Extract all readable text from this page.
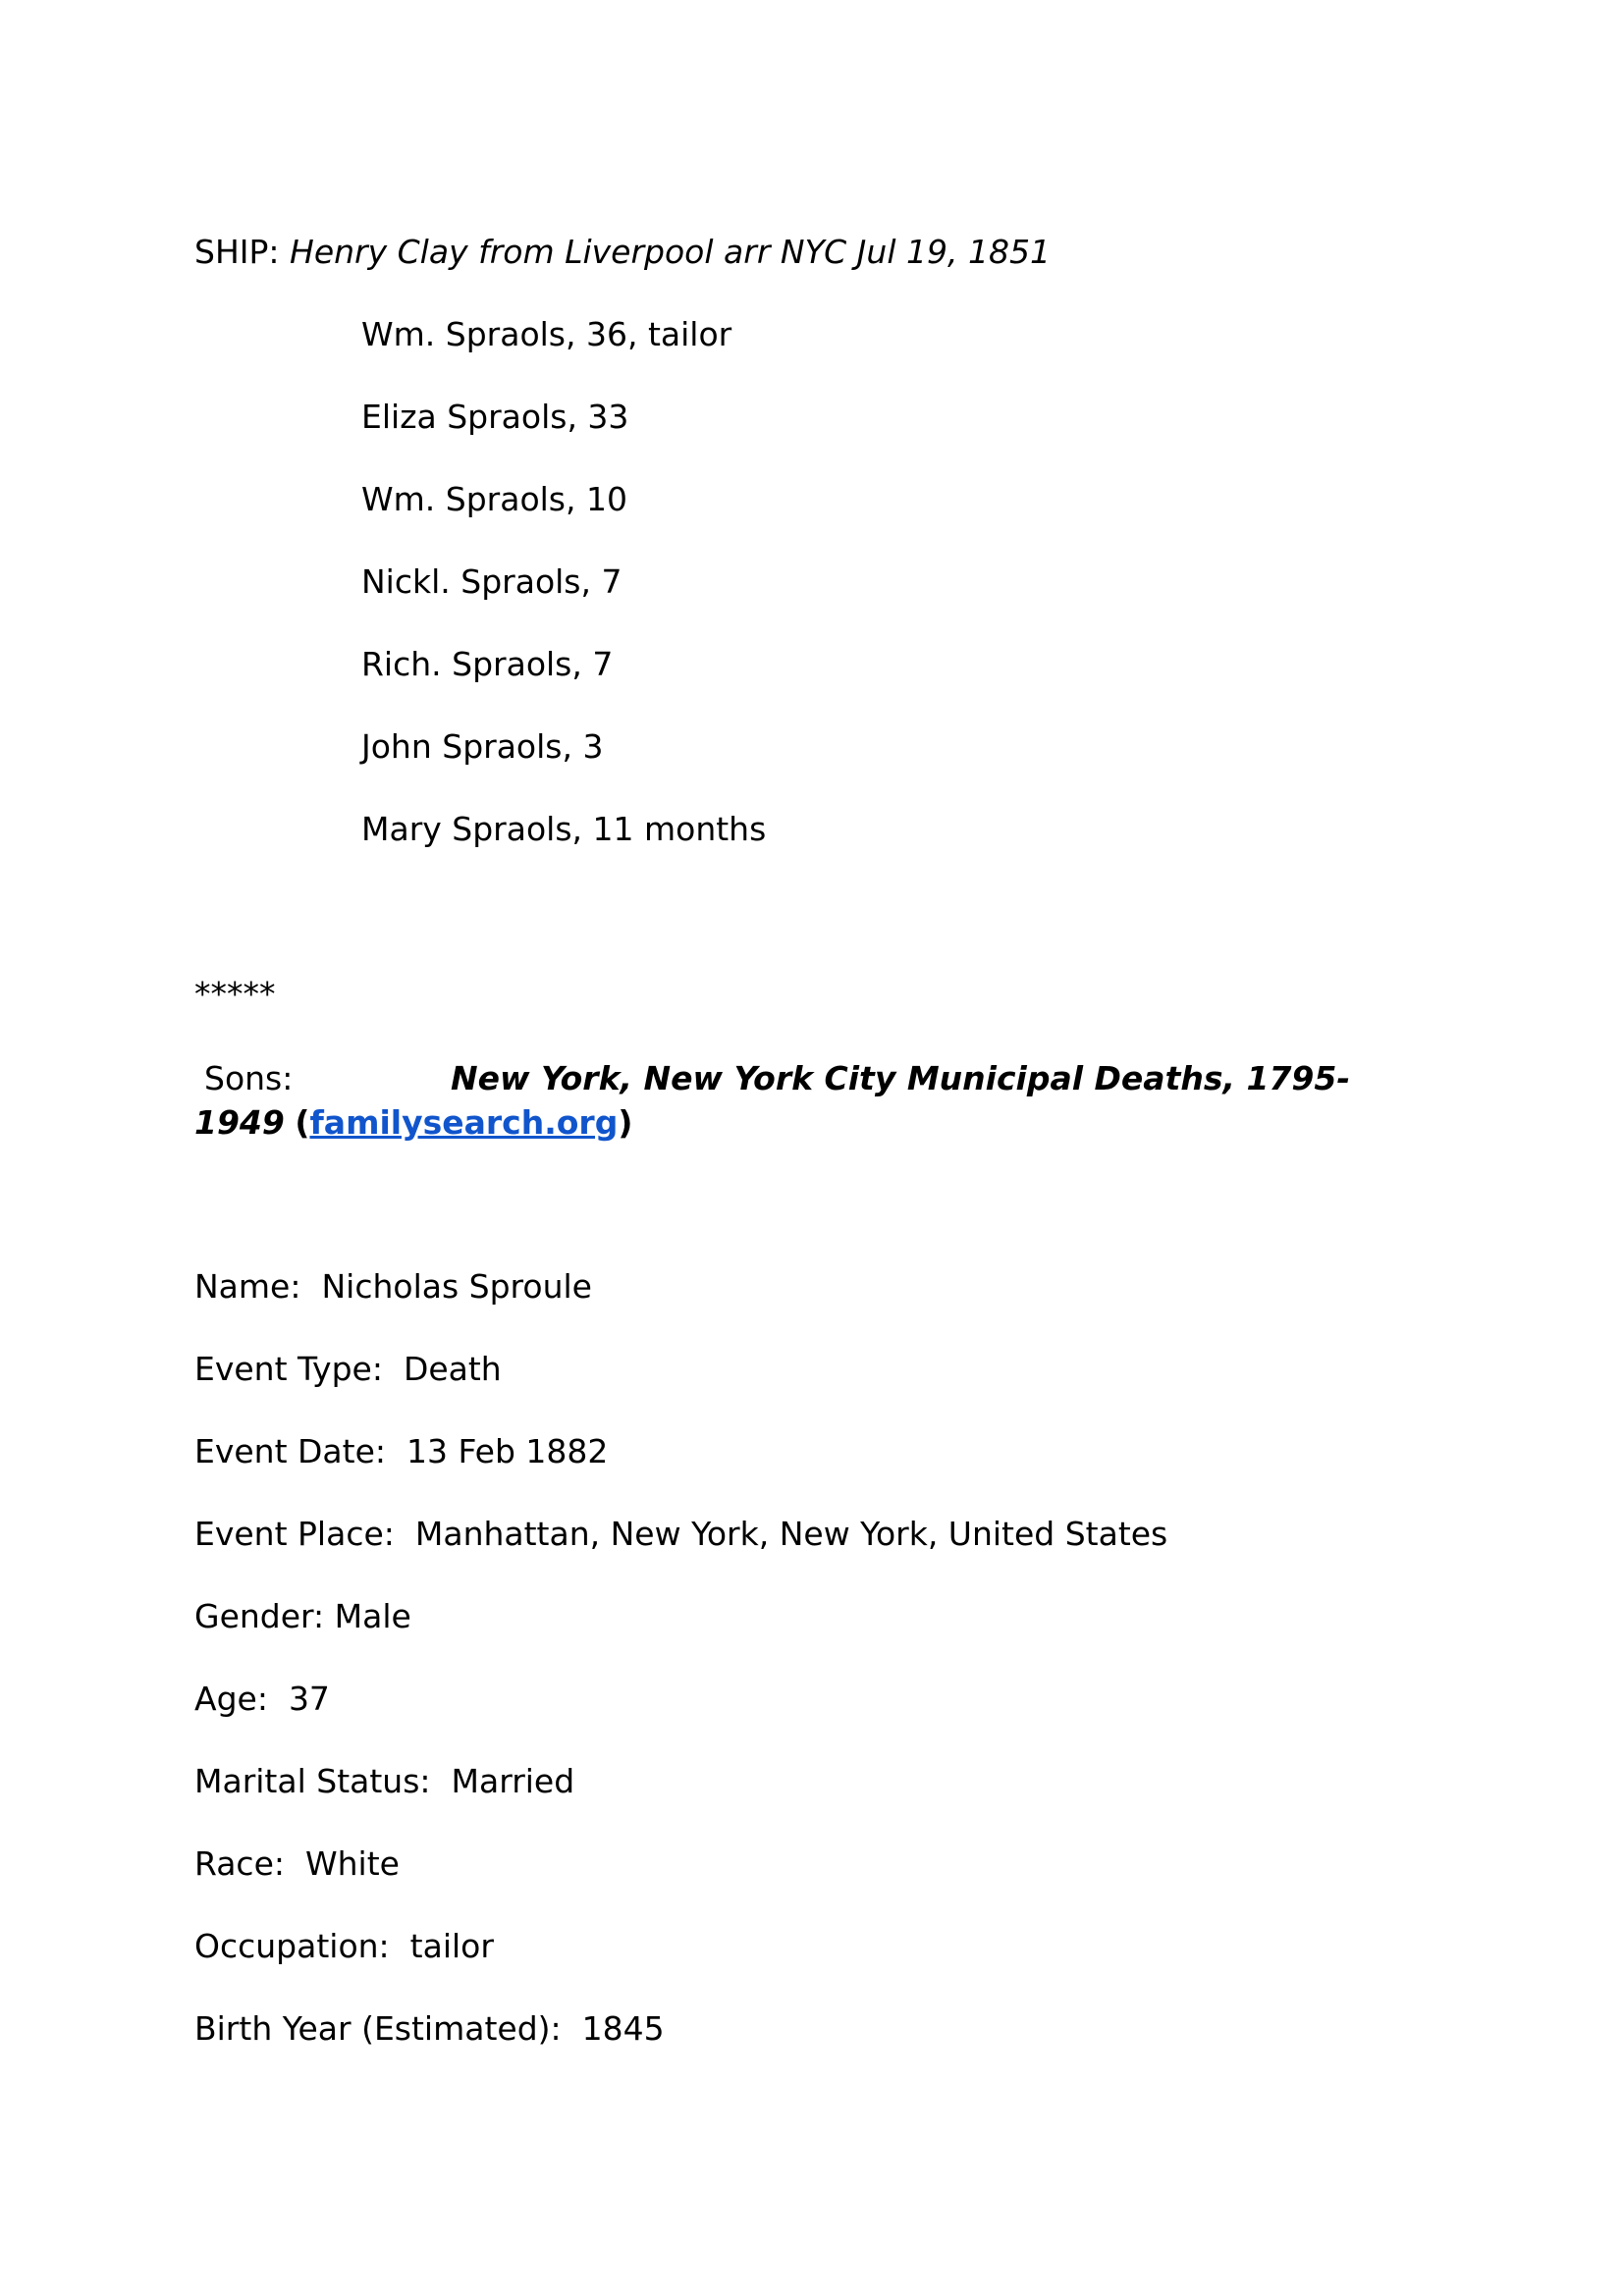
SHIP: Henry Clay from Liverpool arr NYC Jul 19, 1851
Wm. Spraols, 36, tailor
Eliza Spraols, 33
Wm. Spraols, 10
Nickl. Spraols, 7
Rich. Spraols, 7
John Spraols, 3
Mary Spraols, 11 months
*****
Sons:	New York, New York City Municipal Deaths, 1795-
1949 (familysearch.org)
Name: Nicholas Sproule
Event Type: Death
Event Date: 13 Feb 1882
Event Place: Manhattan, New York, New York, United States
Gender: Male
Age: 37
Marital Status: Married
Race: White
Occupation: tailor
Birth Year (Estimated): 1845
